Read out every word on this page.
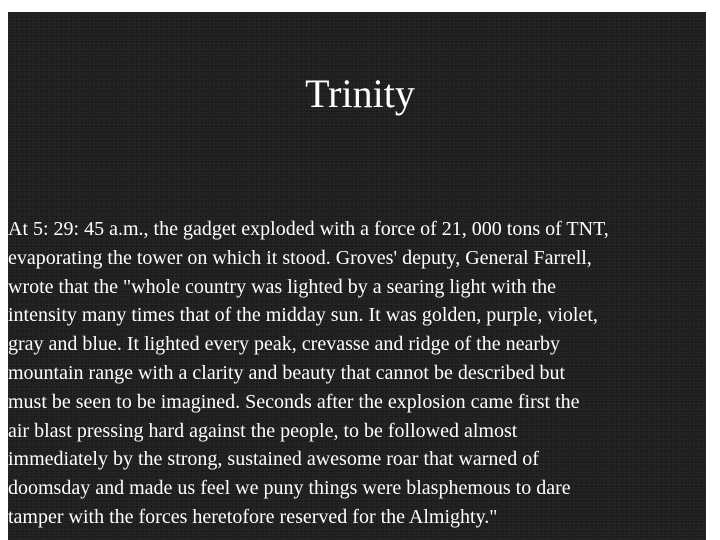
Trinity
At 5: 29: 45 a.m., the gadget exploded with a force of 21, 000 tons of TNT,
evaporating the tower on which it stood. Groves' deputy, General Farrell,
wrote that the "whole country was lighted by a searing light with the
intensity many times that of the midday sun. It was golden, purple, violet,
gray and blue. It lighted every peak, crevasse and ridge of the nearby
mountain range with a clarity and beauty that cannot be described but
must be seen to be imagined. Seconds after the explosion came first the
air blast pressing hard against the people, to be followed almost
immediately by the strong, sustained awesome roar that warned of
doomsday and made us feel we puny things were blasphemous to dare
tamper with the forces heretofore reserved for the Almighty."
